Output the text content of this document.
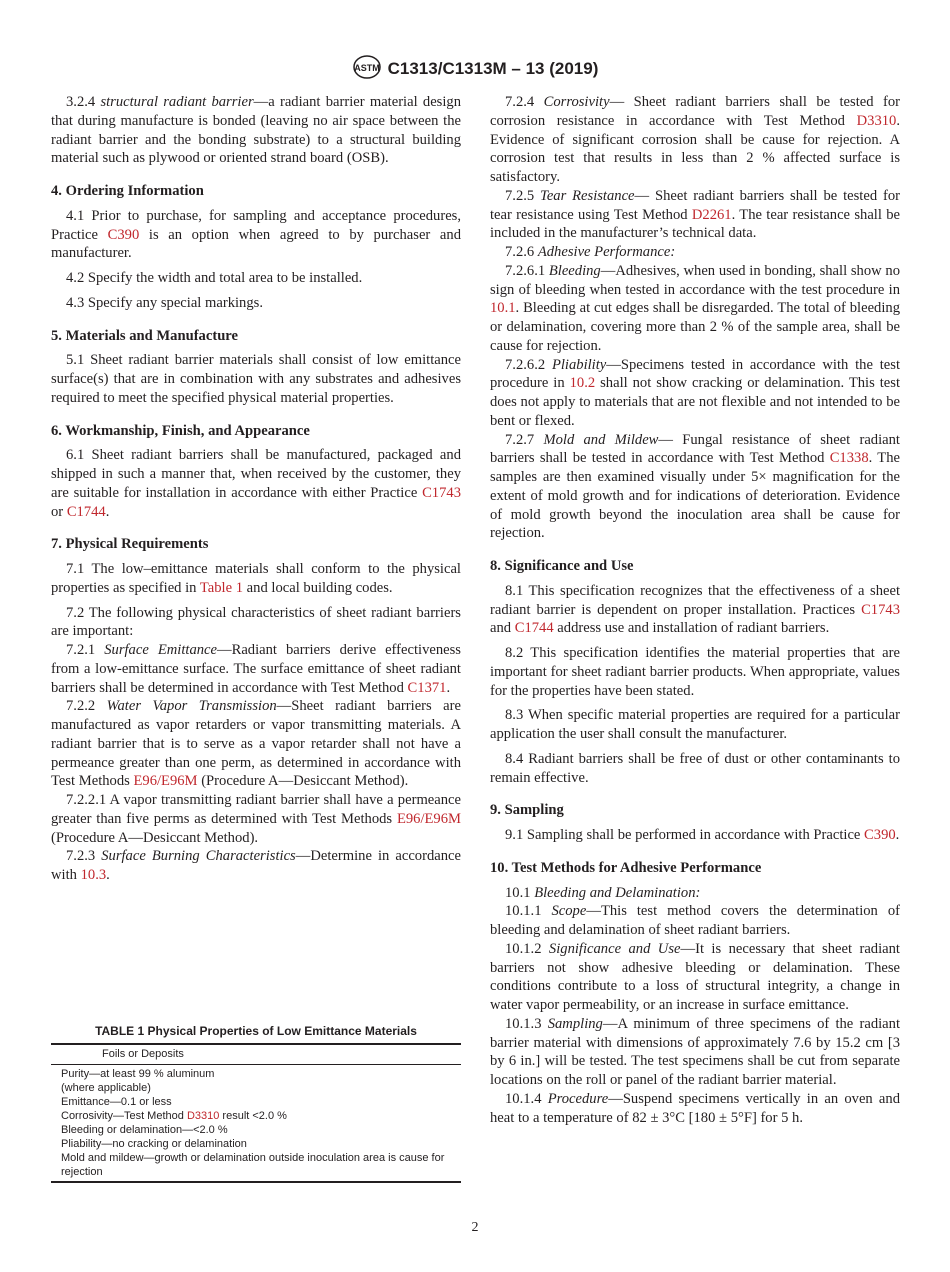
ASTM C1313/C1313M – 13 (2019)

3.2.4 structural radiant barrier—a radiant barrier material design that during manufacture is bonded (leaving no air space between the radiant barrier and the bonding substrate) to a structural building material such as plywood or oriented strand board (OSB).

4. Ordering Information

4.1 Prior to purchase, for sampling and acceptance procedures, Practice C390 is an option when agreed to by purchaser and manufacturer.

4.2 Specify the width and total area to be installed.

4.3 Specify any special markings.

5. Materials and Manufacture

5.1 Sheet radiant barrier materials shall consist of low emittance surface(s) that are in combination with any substrates and adhesives required to meet the specified physical material properties.

6. Workmanship, Finish, and Appearance

6.1 Sheet radiant barriers shall be manufactured, packaged and shipped in such a manner that, when received by the customer, they are suitable for installation in accordance with either Practice C1743 or C1744.

7. Physical Requirements

7.1 The low–emittance materials shall conform to the physical properties as specified in Table 1 and local building codes.

7.2 The following physical characteristics of sheet radiant barriers are important:

7.2.1 Surface Emittance—Radiant barriers derive effectiveness from a low-emittance surface. The surface emittance of sheet radiant barriers shall be determined in accordance with Test Method C1371.

7.2.2 Water Vapor Transmission—Sheet radiant barriers are manufactured as vapor retarders or vapor transmitting materials. A radiant barrier that is to serve as a vapor retarder shall not have a permeance greater than one perm, as determined in accordance with Test Methods E96/E96M (Procedure A—Desiccant Method).

7.2.2.1 A vapor transmitting radiant barrier shall have a permeance greater than five perms as determined with Test Methods E96/E96M (Procedure A—Desiccant Method).

7.2.3 Surface Burning Characteristics—Determine in accordance with 10.3.

7.2.4 Corrosivity— Sheet radiant barriers shall be tested for corrosion resistance in accordance with Test Method D3310. Evidence of significant corrosion shall be cause for rejection. A corrosion test that results in less than 2 % affected surface is satisfactory.

7.2.5 Tear Resistance— Sheet radiant barriers shall be tested for tear resistance using Test Method D2261. The tear resistance shall be included in the manufacturer’s technical data.

7.2.6 Adhesive Performance:

7.2.6.1 Bleeding—Adhesives, when used in bonding, shall show no sign of bleeding when tested in accordance with the test procedure in 10.1. Bleeding at cut edges shall be disregarded. The total of bleeding or delamination, covering more than 2 % of the sample area, shall be cause for rejection.

7.2.6.2 Pliability—Specimens tested in accordance with the test procedure in 10.2 shall not show cracking or delamination. This test does not apply to materials that are not flexible and not intended to be bent or flexed.

7.2.7 Mold and Mildew— Fungal resistance of sheet radiant barriers shall be tested in accordance with Test Method C1338. The samples are then examined visually under 5× magnification for the extent of mold growth and for indications of deterioration. Evidence of mold growth beyond the inoculation area shall be cause for rejection.

8. Significance and Use

8.1 This specification recognizes that the effectiveness of a sheet radiant barrier is dependent on proper installation. Practices C1743 and C1744 address use and installation of radiant barriers.

8.2 This specification identifies the material properties that are important for sheet radiant barrier products. When appropriate, values for the properties have been stated.

8.3 When specific material properties are required for a particular application the user shall consult the manufacturer.

8.4 Radiant barriers shall be free of dust or other contaminants to remain effective.

9. Sampling

9.1 Sampling shall be performed in accordance with Practice C390.

10. Test Methods for Adhesive Performance

10.1 Bleeding and Delamination:

10.1.1 Scope—This test method covers the determination of bleeding and delamination of sheet radiant barriers.

10.1.2 Significance and Use—It is necessary that sheet radiant barriers not show adhesive bleeding or delamination. These conditions contribute to a loss of structural integrity, a change in water vapor permeability, or an increase in surface emittance.

10.1.3 Sampling—A minimum of three specimens of the radiant barrier material with dimensions of approximately 7.6 by 15.2 cm [3 by 6 in.] will be tested. The test specimens shall be cut from separate locations on the roll or panel of the radiant barrier material.

10.1.4 Procedure—Suspend specimens vertically in an oven and heat to a temperature of 82 ± 3°C [180 ± 5°F] for 5 h.

TABLE 1 Physical Properties of Low Emittance Materials
Foils or Deposits
Purity—at least 99 % aluminum
(where applicable)
Emittance—0.1 or less
Corrosivity—Test Method D3310 result <2.0 %
Bleeding or delamination—<2.0 %
Pliability—no cracking or delamination
Mold and mildew—growth or delamination outside inoculation area is cause for rejection
2
